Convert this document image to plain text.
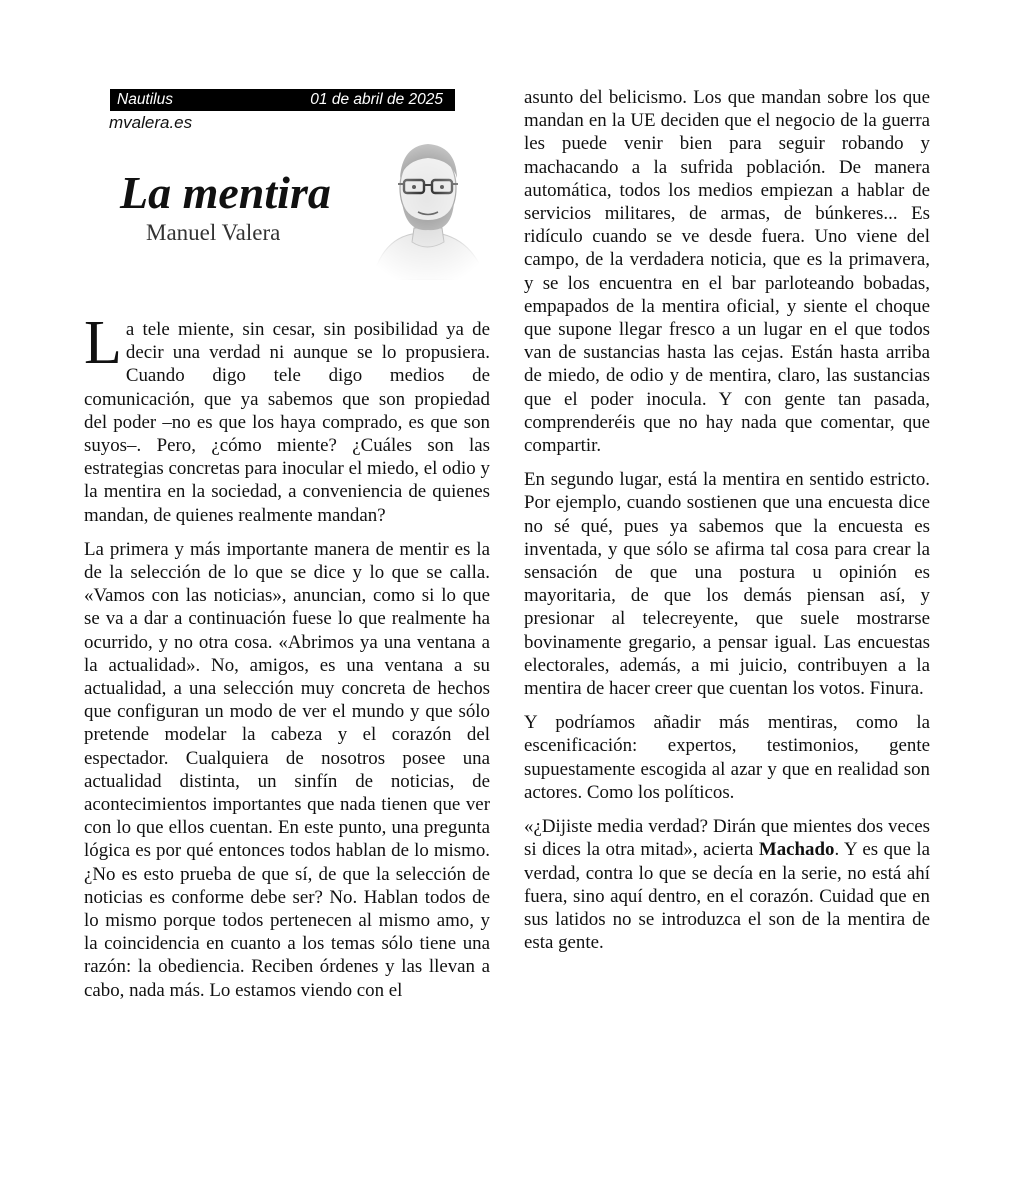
Nautilus	01 de abril de 2025
mvalera.es
La mentira
Manuel Valera

La tele miente, sin cesar, sin posibilidad ya de decir una verdad ni aunque se lo propusiera. Cuando digo tele digo medios de comunicación, que ya sabemos que son propiedad del poder –no es que los haya comprado, es que son suyos–. Pero, ¿cómo miente? ¿Cuáles son las estrategias concretas para inocular el miedo, el odio y la mentira en la sociedad, a conveniencia de quienes mandan, de quienes realmente mandan?

La primera y más importante manera de mentir es la de la selección de lo que se dice y lo que se calla. «Vamos con las noticias», anuncian, como si lo que se va a dar a continuación fuese lo que realmente ha ocurrido, y no otra cosa. «Abrimos ya una ventana a la actualidad». No, amigos, es una ventana a su actualidad, a una selección muy concreta de hechos que configuran un modo de ver el mundo y que sólo pretende modelar la cabeza y el corazón del espectador. Cualquiera de nosotros posee una actualidad distinta, un sinfín de noticias, de acontecimientos importantes que nada tienen que ver con lo que ellos cuentan. En este punto, una pregunta lógica es por qué entonces todos hablan de lo mismo. ¿No es esto prueba de que sí, de que la selección de noticias es conforme debe ser? No. Hablan todos de lo mismo porque todos pertenecen al mismo amo, y la coincidencia en cuanto a los temas sólo tiene una razón: la obediencia. Reciben órdenes y las llevan a cabo, nada más. Lo estamos viendo con el

asunto del belicismo. Los que mandan sobre los que mandan en la UE deciden que el negocio de la guerra les puede venir bien para seguir robando y machacando a la sufrida población. De manera automática, todos los medios empiezan a hablar de servicios militares, de armas, de búnkeres... Es ridículo cuando se ve desde fuera. Uno viene del campo, de la verdadera noticia, que es la primavera, y se los encuentra en el bar parloteando bobadas, empapados de la mentira oficial, y siente el choque que supone llegar fresco a un lugar en el que todos van de sustancias hasta las cejas. Están hasta arriba de miedo, de odio y de mentira, claro, las sustancias que el poder inocula. Y con gente tan pasada, comprenderéis que no hay nada que comentar, que compartir.

En segundo lugar, está la mentira en sentido estricto. Por ejemplo, cuando sostienen que una encuesta dice no sé qué, pues ya sabemos que la encuesta es inventada, y que sólo se afirma tal cosa para crear la sensación de que una postura u opinión es mayoritaria, de que los demás piensan así, y presionar al telecreyente, que suele mostrarse bovinamente gregario, a pensar igual. Las encuestas electorales, además, a mi juicio, contribuyen a la mentira de hacer creer que cuentan los votos. Finura.

Y podríamos añadir más mentiras, como la escenificación: expertos, testimonios, gente supuestamente escogida al azar y que en realidad son actores. Como los políticos.

«¿Dijiste media verdad? Dirán que mientes dos veces si dices la otra mitad», acierta Machado. Y es que la verdad, contra lo que se decía en la serie, no está ahí fuera, sino aquí dentro, en el corazón. Cuidad que en sus latidos no se introduzca el son de la mentira de esta gente.
